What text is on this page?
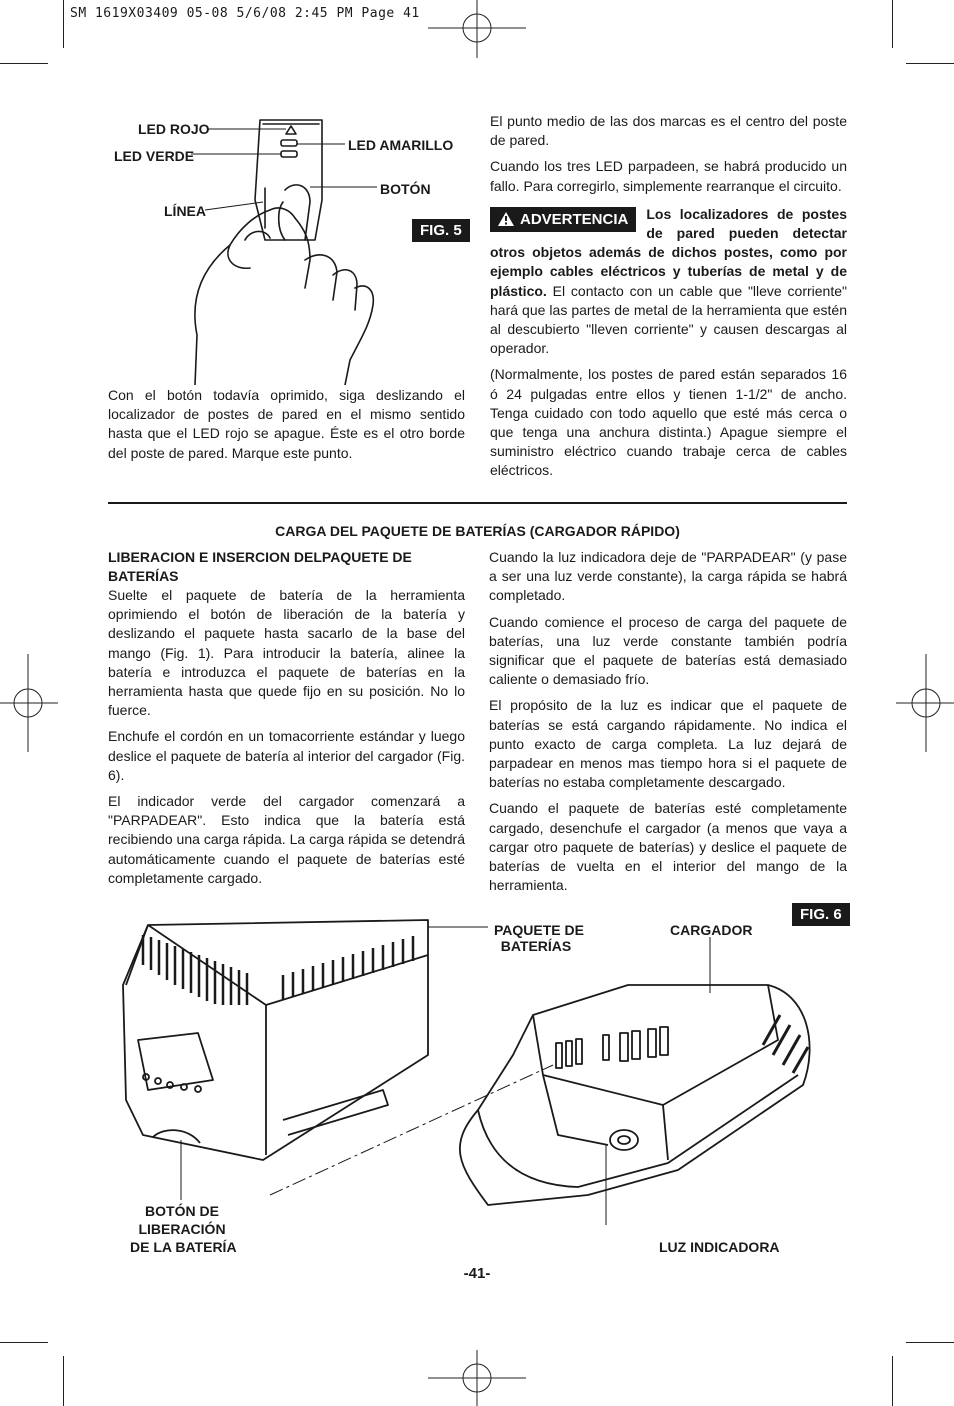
SM 1619X03409 05-08 5/6/08 2:45 PM Page 41
LED ROJO
LED VERDE
LED AMARILLO
BOTÓN
LÍNEA
FIG. 5

Con el botón todavía oprimido, siga deslizando el localizador de postes de pared en el mismo sentido hasta que el LED rojo se apague. Éste es el otro borde del poste de pared. Marque este punto.

El punto medio de las dos marcas es el centro del poste de pared.

Cuando los tres LED parpadeen, se habrá producido un fallo. Para corregirlo, simplemente rearranque el circuito.

ADVERTENCIA	Los localizadores de postes de pared pueden detectar otros objetos además de dichos postes, como por ejemplo cables eléctricos y tuberías de metal y de plástico. El contacto con un cable que "lleve corriente" hará que las partes de metal de la herramienta que estén al descubierto "lleven corriente" y causen descargas al operador.

(Normalmente, los postes de pared están separados 16 ó 24 pulgadas entre ellos y tienen 1-1/2" de ancho. Tenga cuidado con todo aquello que esté más cerca o que tenga una anchura distinta.) Apague siempre el suministro eléctrico cuando trabaje cerca de cables eléctricos.

CARGA DEL PAQUETE DE BATERÍAS (CARGADOR RÁPIDO)
LIBERACION E INSERCION DELPAQUETE DE BATERÍAS

Suelte el paquete de batería de la herramienta oprimiendo el botón de liberación de la batería y deslizando el paquete hasta sacarlo de la base del mango (Fig. 1). Para introducir la batería, alinee la batería e introduzca el paquete de baterías en la herramienta hasta que quede fijo en su posición. No lo fuerce.

Enchufe el cordón en un tomacorriente estándar y luego deslice el paquete de batería al interior del cargador (Fig. 6).

El indicador verde del cargador comenzará a "PARPADEAR". Esto indica que la batería está recibiendo una carga rápida. La carga rápida se detendrá automáticamente cuando el paquete de baterías esté completamente cargado.

Cuando la luz indicadora deje de "PARPADEAR" (y pase a ser una luz verde constante), la carga rápida se habrá completado.

Cuando comience el proceso de carga del paquete de baterías, una luz verde constante también podría significar que el paquete de baterías está demasiado caliente o demasiado frío.

El propósito de la luz es indicar que el paquete de baterías se está cargando rápidamente. No indica el punto exacto de carga completa. La luz dejará de parpadear en menos mas tiempo hora si el paquete de baterías no estaba completamente descargado.

Cuando el paquete de baterías esté completamente cargado, desenchufe el cargador (a menos que vaya a cargar otro paquete de baterías) y deslice el paquete de baterías de vuelta en el interior del mango de la herramienta.

FIG. 6
PAQUETE DE
BATERÍAS
CARGADOR
BOTÓN DE
LIBERACIÓN
DE LA BATERÍA	LUZ INDICADORA
-41-
